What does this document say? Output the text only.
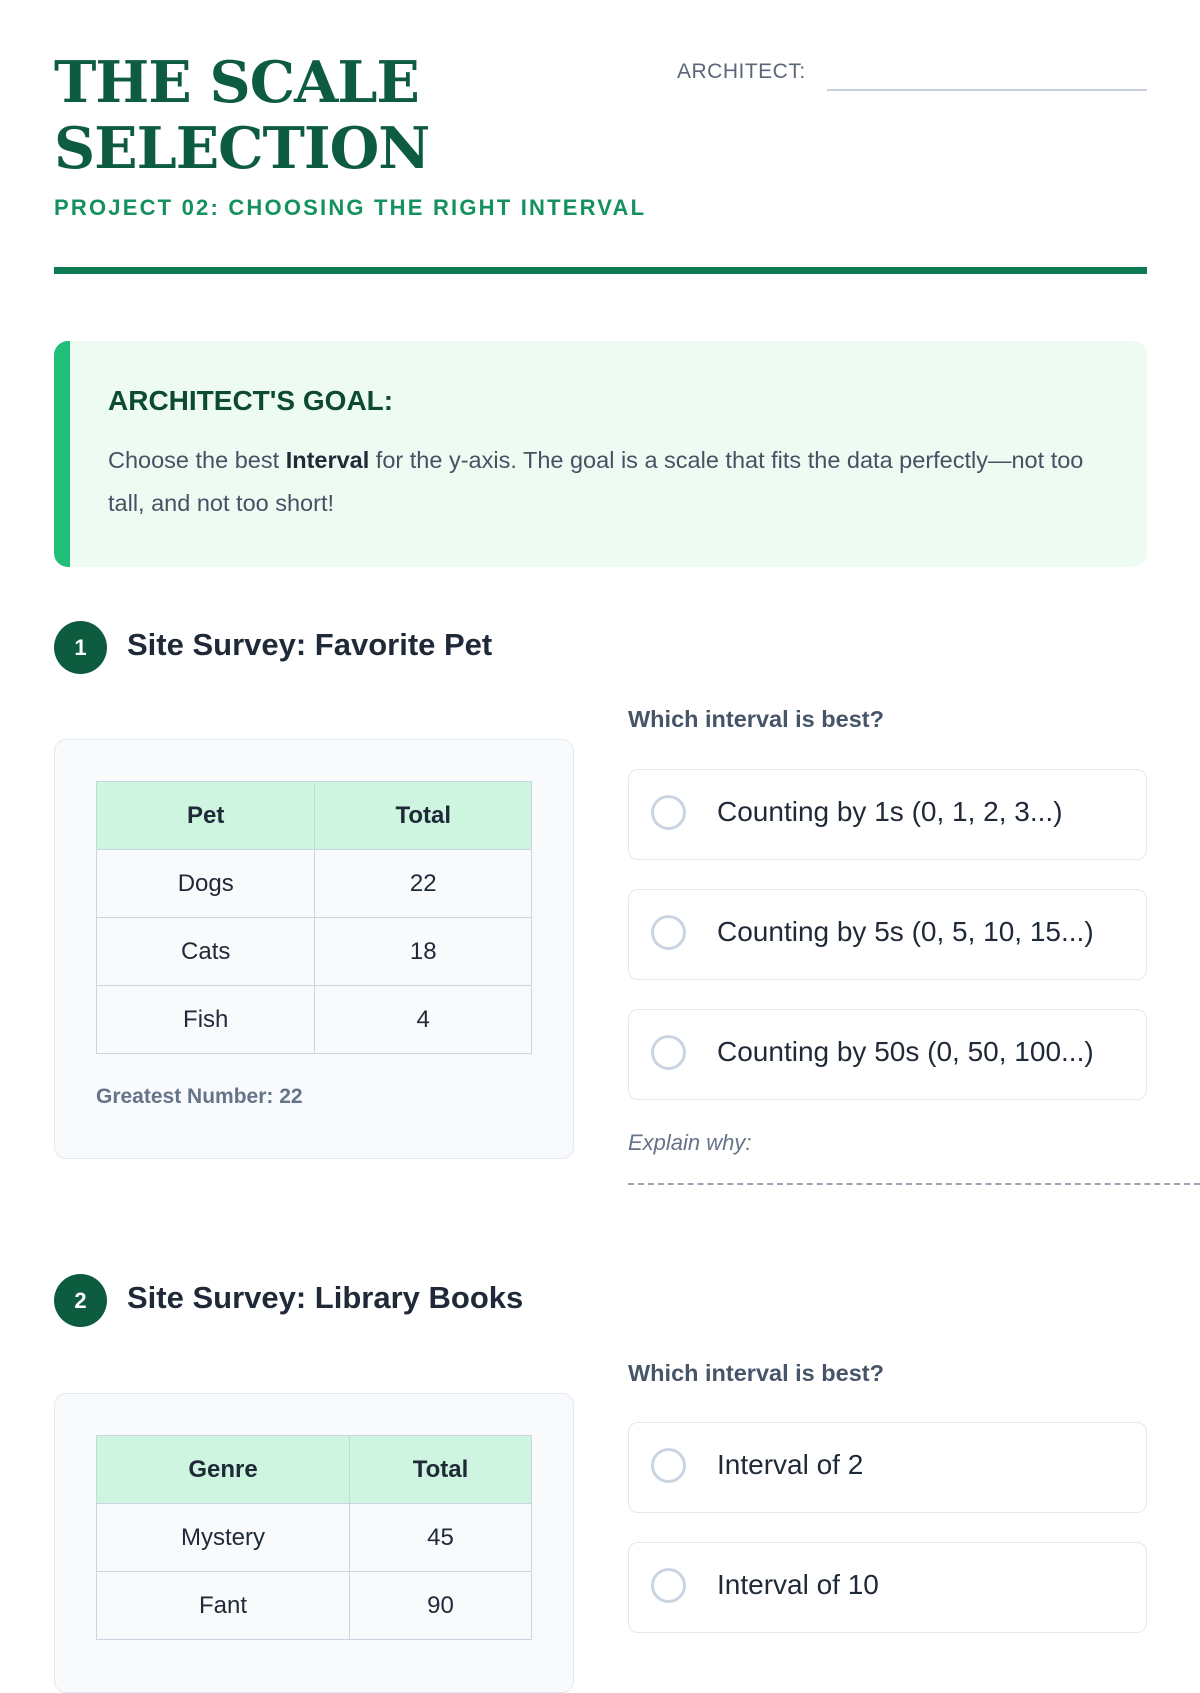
THE SCALE
SELECTION
PROJECT 02: CHOOSING THE RIGHT INTERVAL
ARCHITECT:
ARCHITECT'S GOAL:
Choose the best Interval for the y-axis. The goal is a scale that fits the data perfectly—not too tall, and not too short!
1	Site Survey: Favorite Pet
Pet	Total
Dogs	22
Cats	18
Fish	4
Greatest Number: 22
Which interval is best?
Counting by 1s (0, 1, 2, 3...)
Counting by 5s (0, 5, 10, 15...)
Counting by 50s (0, 50, 100...)
Explain why:
2	Site Survey: Library Books
Genre	Total
Mystery	45
Fant	90
Which interval is best?
Interval of 2
Interval of 10
